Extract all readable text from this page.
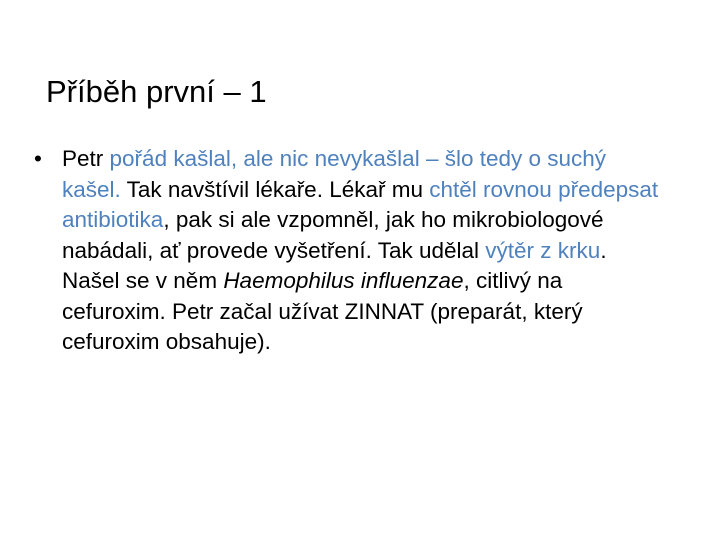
Příběh první – 1
• Petr pořád kašlal, ale nic nevykašlal – šlo tedy o suchý kašel. Tak navštívil lékaře. Lékař mu chtěl rovnou předepsat antibiotika, pak si ale vzpomněl, jak ho mikrobiologové nabádali, ať provede vyšetření. Tak udělal výtěr z krku. Našel se v něm Haemophilus influenzae, citlivý na cefuroxim. Petr začal užívat ZINNAT (preparát, který cefuroxim obsahuje).
